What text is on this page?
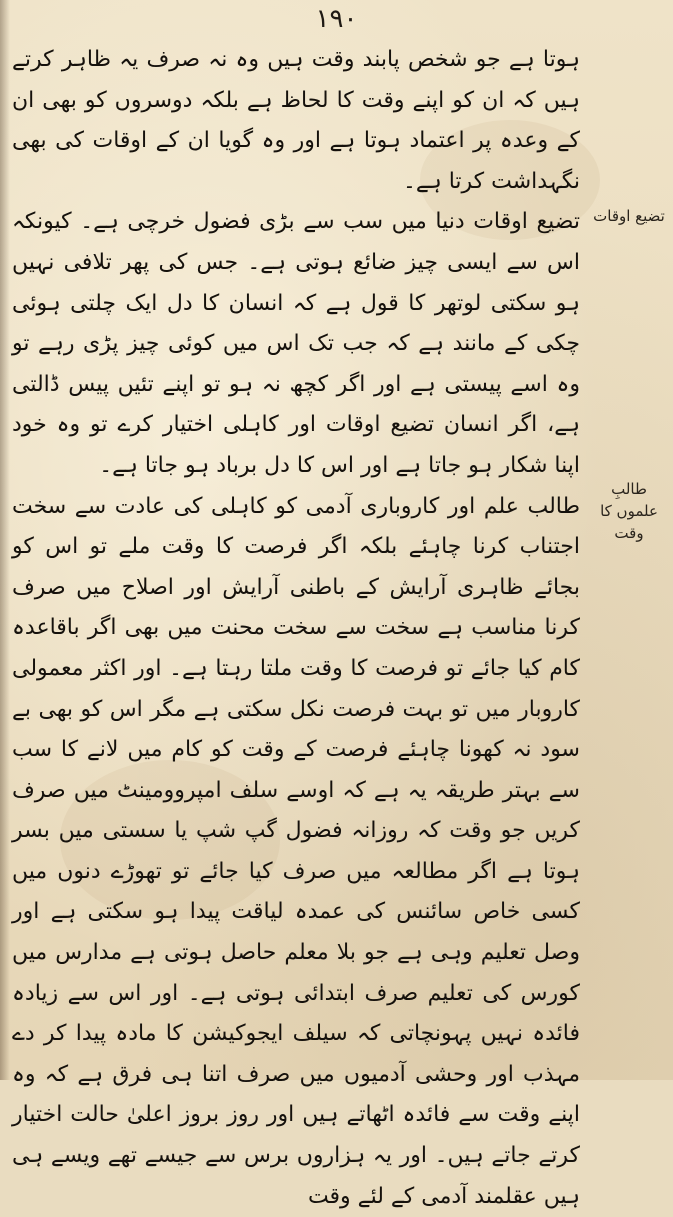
۱۹۰

ہوتا ہے جو شخص پابند وقت ہیں وہ نہ صرف یہ ظاہر کرتے ہیں کہ ان کو اپنے وقت کا لحاظ ہے بلکہ دوسروں کو بھی ان کے وعدہ پر اعتماد ہوتا ہے اور وہ گویا ان کے اوقات کی بھی نگہداشت کرتا ہے۔

تضیع اوقات دنیا میں سب سے بڑی فضول خرچی ہے۔ کیونکہ اس سے ایسی چیز ضائع ہوتی ہے۔ جس کی پھر تلافی نہیں ہو سکتی لوتھر کا قول ہے کہ انسان کا دل ایک چلتی ہوئی چکی کے مانند ہے کہ جب تک اس میں کوئی چیز پڑی رہے تو وہ اسے پیستی ہے اور اگر کچھ نہ ہو تو اپنے تئیں پیس ڈالتی ہے، اگر انسان تضیع اوقات اور کاہلی اختیار کرے تو وہ خود اپنا شکار ہو جاتا ہے اور اس کا دل برباد ہو جاتا ہے۔

طالب علم اور کاروباری آدمی کو کاہلی کی عادت سے سخت اجتناب کرنا چاہئے بلکہ اگر فرصت کا وقت ملے تو اس کو بجائے ظاہری آرایش کے باطنی آرایش اور اصلاح میں صرف کرنا مناسب ہے سخت سے سخت محنت میں بھی اگر باقاعدہ کام کیا جائے تو فرصت کا وقت ملتا رہتا ہے۔ اور اکثر معمولی کاروبار میں تو بہت فرصت نکل سکتی ہے مگر اس کو بھی بے سود نہ کھونا چاہئے فرصت کے وقت کو کام میں لانے کا سب سے بہتر طریقہ یہ ہے کہ اوسے سلف امپروومینٹ میں صرف کریں جو وقت کہ روزانہ فضول گپ شپ یا سستی میں بسر ہوتا ہے اگر مطالعہ میں صرف کیا جائے تو تھوڑے دنوں میں کسی خاص سائنس کی عمدہ لیاقت پیدا ہو سکتی ہے اور وصل تعلیم وہی ہے جو بلا معلم حاصل ہوتی ہے مدارس میں کورس کی تعلیم صرف ابتدائی ہوتی ہے۔ اور اس سے زیادہ فائدہ نہیں پہونچاتی کہ سیلف ایجوکیشن کا مادہ پیدا کر دے مہذب اور وحشی آدمیوں میں صرف اتنا ہی فرق ہے کہ وہ اپنے وقت سے فائدہ اٹھاتے ہیں اور روز بروز اعلیٰ حالت اختیار کرتے جاتے ہیں۔ اور یہ ہزاروں برس سے جیسے تھے ویسے ہی ہیں عقلمند آدمی کے لئے وقت

تضیع اوقات
طالبِ علموں کا وقت
